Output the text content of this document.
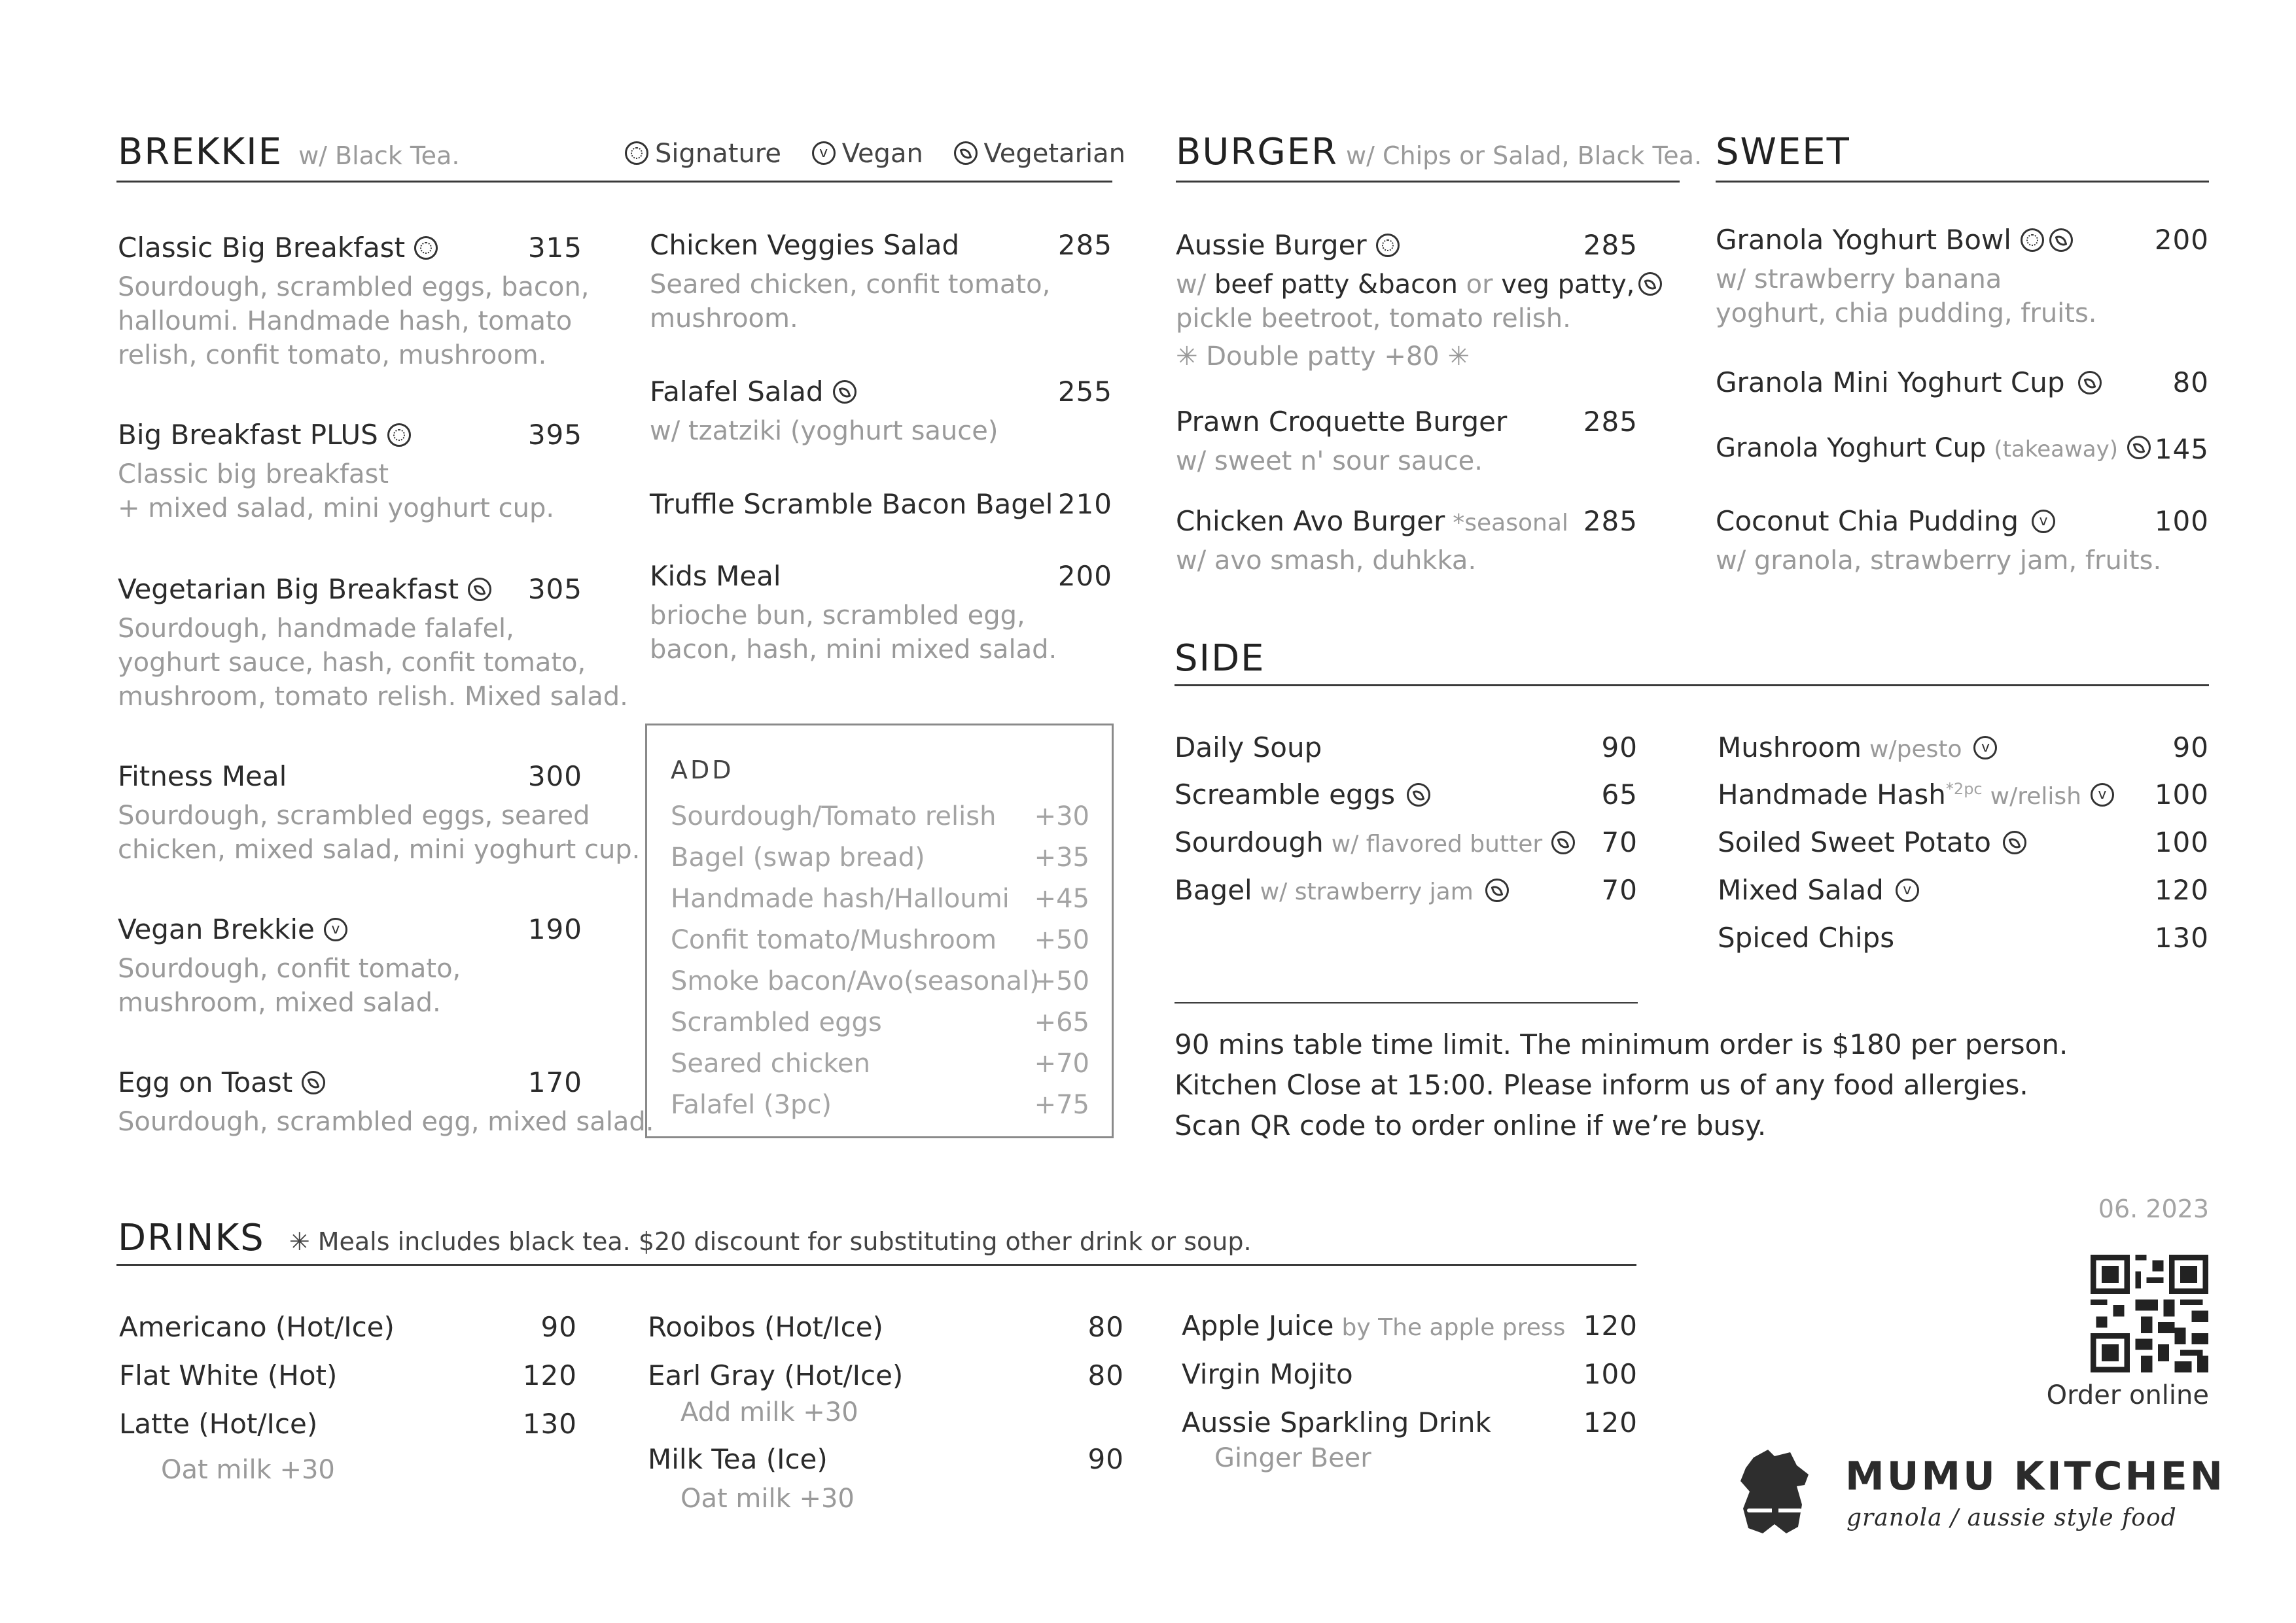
BREKKIE w/ Black Tea.	Signature	v Vegan Vegetarian
Classic Big Breakfast	315
Sourdough, scrambled eggs, bacon,
halloumi. Handmade hash, tomato
relish, confit tomato, mushroom.
Big Breakfast PLUS	395
Classic big breakfast
+ mixed salad, mini yoghurt cup.
Vegetarian Big Breakfast	305
Sourdough, handmade falafel,
yoghurt sauce, hash, confit tomato,
mushroom, tomato relish. Mixed salad.
Fitness Meal	300
Sourdough, scrambled eggs, seared
chicken, mixed salad, mini yoghurt cup.
Vegan Brekkie v	190
Sourdough, confit tomato,
mushroom, mixed salad.
Egg on Toast	170
Sourdough, scrambled egg, mixed salad.
Chicken Veggies Salad	285
Seared chicken, confit tomato,
mushroom.
Falafel Salad	255
w/ tzatziki (yoghurt sauce)
Truffle Scramble Bacon Bagel 210
Kids Meal	200
brioche bun, scrambled egg,
bacon, hash, mini mixed salad.
ADD
Sourdough/Tomato relish +30
Bagel (swap bread)	+35
Handmade hash/Halloumi +45
Confit tomato/Mushroom +50
Smoke bacon/Avo(seasonal)
+50
Scrambled eggs	+65
Seared chicken	+70
Falafel (3pc)	+75
BURGER w/ Chips or Salad, Black Tea.
Aussie Burger	285
w/ beef patty &bacon or veg patty,
pickle beetroot, tomato relish.
✳ Double patty +80 ✳
Prawn Croquette Burger	285
w/ sweet n' sour sauce.
Chicken Avo Burger *seasonal 285
w/ avo smash, duhkka.
SWEET
Granola Yoghurt Bowl	200
w/ strawberry banana
yoghurt, chia pudding, fruits.
Granola Mini Yoghurt Cup	80
Granola Yoghurt Cup (takeaway)	145
Coconut Chia Pudding v	100
w/ granola, strawberry jam, fruits.
SIDE
Daily Soup	90
Screamble eggs	65
Sourdough w/ flavored butter	70
Bagel w/ strawberry jam	70
Mushroom w/pesto v	90
Handmade Hash$^{*2pc}$ w/relish v	100
Soiled Sweet Potato	100
Mixed Salad v	120
Spiced Chips	130
90 mins table time limit. The minimum order is $180 per person.
Kitchen Close at 15:00. Please inform us of any food allergies.
Scan QR code to order online if we’re busy.
DRINKS ✳ Meals includes black tea. $20 discount for substituting other drink or soup.
Americano (Hot/Ice)	90
Flat White (Hot)	120
Latte (Hot/Ice)	130
Oat milk +30
Rooibos (Hot/Ice)	80
Earl Gray (Hot/Ice)	80
Add milk +30
Milk Tea (Ice)	90
Oat milk +30
Apple Juice by The apple press 120
Virgin Mojito	100
Aussie Sparkling Drink	120
Ginger Beer
06. 2023
Order online
MUMU KITCHEN
granola / aussie style food
